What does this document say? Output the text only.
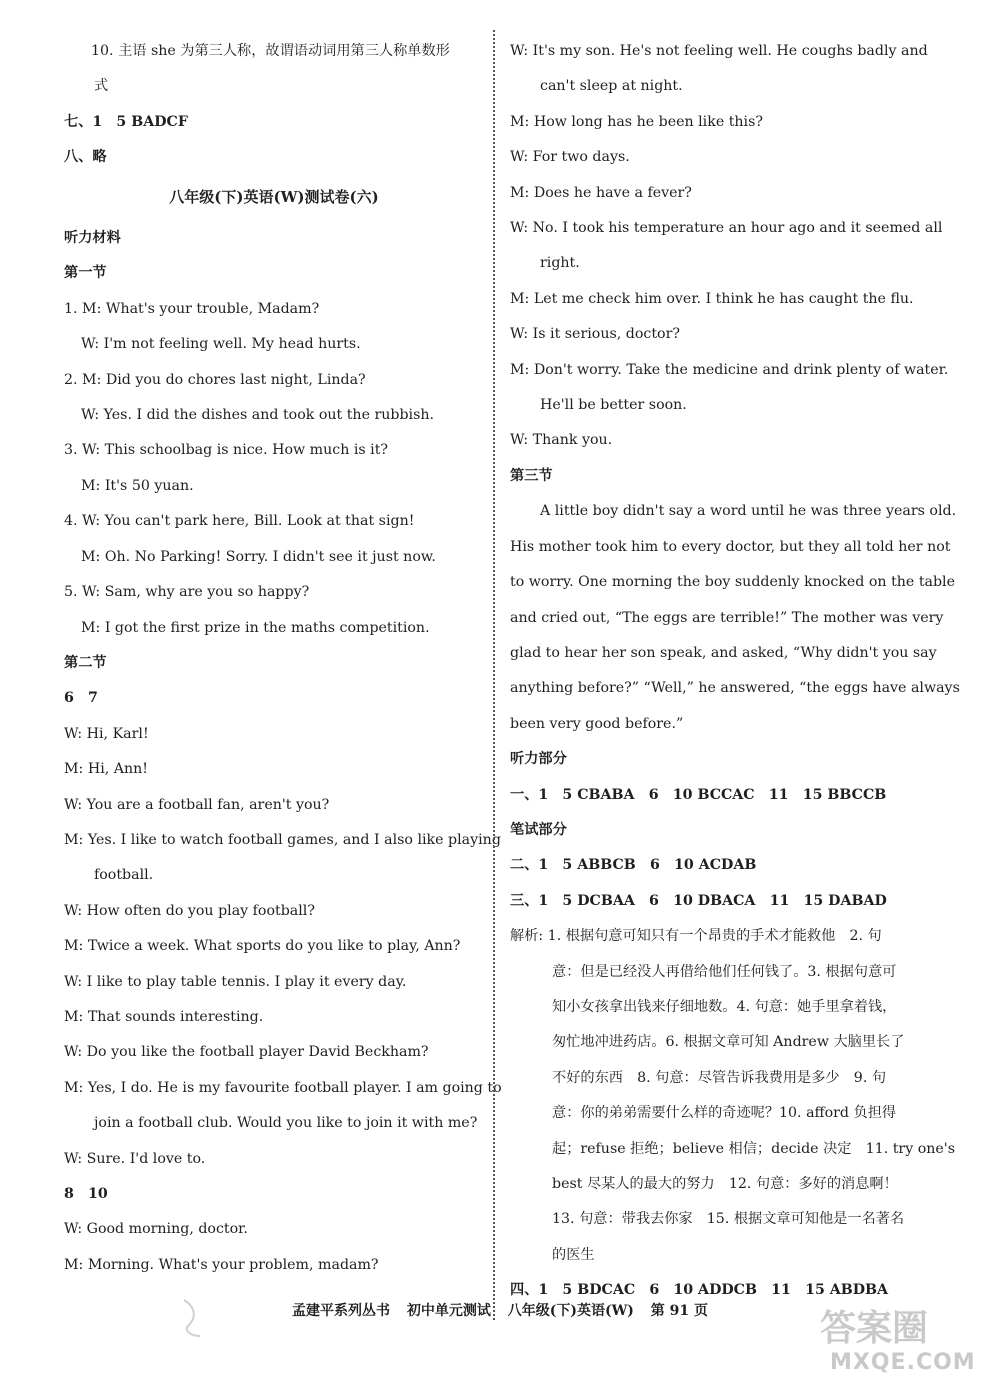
10. 主语 she 为第三人称，故谓语动词用第三人称单数形
式
七、1　5 BADCF
八、略
八年级(下)英语(W)测试卷(六)
听力材料
第一节
1. M: What's your trouble, Madam?
W: I'm not feeling well. My head hurts.
2. M: Did you do chores last night, Linda?
W: Yes. I did the dishes and took out the rubbish.
3. W: This schoolbag is nice. How much is it?
M: It's 50 yuan.
4. W: You can't park here, Bill. Look at that sign!
M: Oh. No Parking! Sorry. I didn't see it just now.
5. W: Sam, why are you so happy?
M: I got the first prize in the maths competition.
第二节
6　7
W: Hi, Karl!
M: Hi, Ann!
W: You are a football fan, aren't you?
M: Yes. I like to watch football games, and I also like playing
football.
W: How often do you play football?
M: Twice a week. What sports do you like to play, Ann?
W: I like to play table tennis. I play it every day.
M: That sounds interesting.
W: Do you like the football player David Beckham?
M: Yes, I do. He is my favourite football player. I am going to
join a football club. Would you like to join it with me?
W: Sure. I'd love to.
8　10
W: Good morning, doctor.
M: Morning. What's your problem, madam?
W: It's my son. He's not feeling well. He coughs badly and
can't sleep at night.
M: How long has he been like this?
W: For two days.
M: Does he have a fever?
W: No. I took his temperature an hour ago and it seemed all
right.
M: Let me check him over. I think he has caught the flu.
W: Is it serious, doctor?
M: Don't worry. Take the medicine and drink plenty of water.
He'll be better soon.
W: Thank you.
第三节
A little boy didn't say a word until he was three years old.
His mother took him to every doctor, but they all told her not
to worry. One morning the boy suddenly knocked on the table
and cried out, “The eggs are terrible!” The mother was very
glad to hear her son speak, and asked, “Why didn't you say
anything before?” “Well,” he answered, “the eggs have always
been very good before.”
听力部分
一、1　5 CBABA　6　10 BCCAC　11　15 BBCCB
笔试部分
二、1　5 ABBCB　6　10 ACDAB
三、1　5 DCBAA　6　10 DBACA　11　15 DABAD
解析: 1. 根据句意可知只有一个昂贵的手术才能救他　2. 句
意：但是已经没人再借给他们任何钱了。3. 根据句意可
知小女孩拿出钱来仔细地数。4. 句意：她手里拿着钱，
匆忙地冲进药店。6. 根据文章可知 Andrew 大脑里长了
不好的东西　8. 句意：尽管告诉我费用是多少　9. 句
意：你的弟弟需要什么样的奇迹呢？10. afford 负担得
起；refuse 拒绝；believe 相信；decide 决定　11. try one's
best 尽某人的最大的努力　12. 句意：多好的消息啊！
13. 句意：带我去你家　15. 根据文章可知他是一名著名
的医生
四、1　5 BDCAC　6　10 ADDCB　11　15 ABDBA
孟建平系列丛书 初中单元测试 八年级(下)英语(W) 第 91 页	答案圈
MXQE.COM
